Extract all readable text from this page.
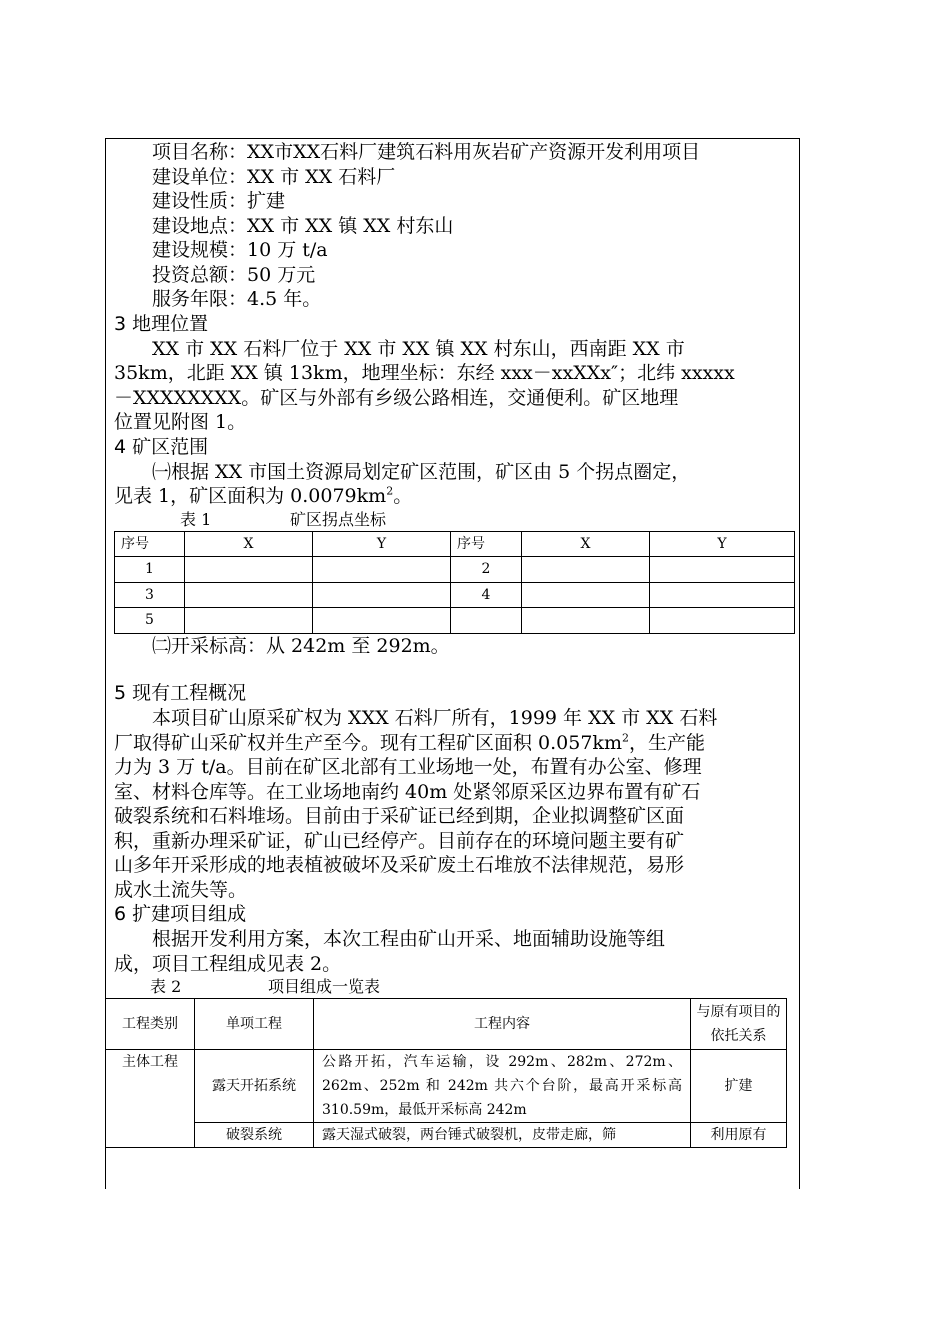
项目名称：XX市XX石料厂建筑石料用灰岩矿产资源开发利用项目
建设单位：XX 市 XX 石料厂
建设性质：扩建
建设地点：XX 市 XX 镇 XX 村东山
建设规模：10 万 t/a
投资总额：50 万元
服务年限：4.5 年。
3 地理位置
XX 市 XX 石料厂位于 XX 市 XX 镇 XX 村东山，西南距 XX 市
35km，北距 XX 镇 13km，地理坐标：东经 xxx－xxXXx″；北纬 xxxxx
－XXXXXXXX。矿区与外部有乡级公路相连，交通便利。矿区地理
位置见附图 1。
4 矿区范围
㈠根据 XX 市国土资源局划定矿区范围，矿区由 5 个拐点圈定，
见表 1，矿区面积为 $0.0079km^2$。
表 1	矿区拐点坐标
序号	X	Y	序号	X	Y
1			2		
3			4		
5					
㈡开采标高：从 242m 至 292m。
5 现有工程概况
本项目矿山原采矿权为 XXX 石料厂所有，1999 年 XX 市 XX 石料
厂取得矿山采矿权并生产至今。现有工程矿区面积 $0.057km^2$，生产能
力为 3 万 t/a。目前在矿区北部有工业场地一处，布置有办公室、修理
室、材料仓库等。在工业场地南约 40m 处紧邻原采区边界布置有矿石
破裂系统和石料堆场。目前由于采矿证已经到期，企业拟调整矿区面
积，重新办理采矿证，矿山已经停产。目前存在的环境问题主要有矿
山多年开采形成的地表植被破坏及采矿废土石堆放不法律规范，易形
成水土流失等。
6 扩建项目组成
根据开发利用方案，本次工程由矿山开采、地面辅助设施等组
成，项目工程组成见表 2。
表 2	项目组成一览表
工程类别	单项工程	工程内容	与原有项目的依托关系
主体工程	露天开拓系统	公路开拓，汽车运输，设 292m、282m、272m、262m、252m 和 242m 共六个台阶，最高开采标高 310.59m，最低开采标高 242m	扩建
	破裂系统	露天湿式破裂，两台锤式破裂机，皮带走廊，筛	利用原有
